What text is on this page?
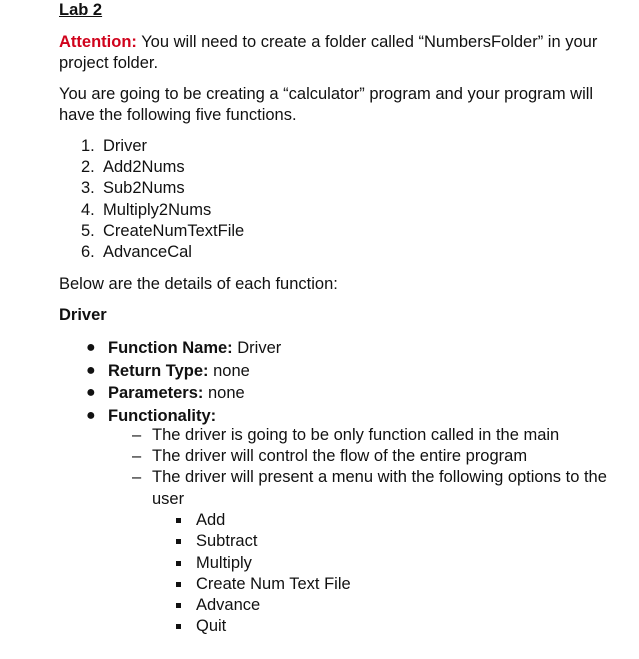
Lab 2
Attention: You will need to create a folder called “NumbersFolder” in your project folder.
You are going to be creating a “calculator” program and your program will have the following five functions.
1. Driver
2. Add2Nums
3. Sub2Nums
4. Multiply2Nums
5. CreateNumTextFile
6. AdvanceCal
Below are the details of each function:
Driver
● Function Name: Driver
● Return Type: none
● Parameters: none
● Functionality:
– The driver is going to be only function called in the main
– The driver will control the flow of the entire program
– The driver will present a menu with the following options to the user
Add
Subtract
Multiply
Create Num Text File
Advance
Quit
